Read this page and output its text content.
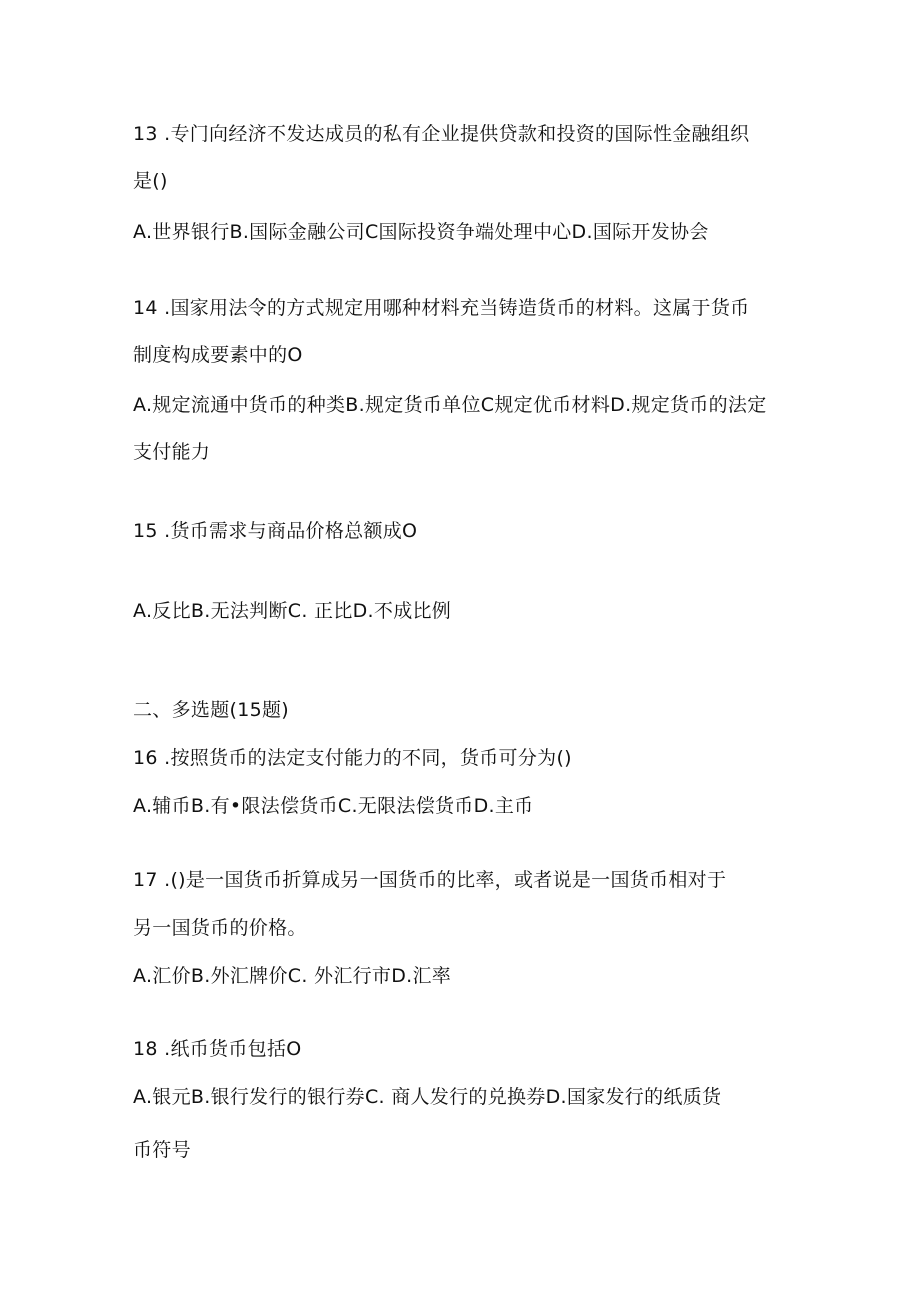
13 .专门向经济不发达成员的私有企业提供贷款和投资的国际性金融组织
是()
A.世界银行B.国际金融公司C国际投资争端处理中心D.国际开发协会
14 .国家用法令的方式规定用哪种材料充当铸造货币的材料。这属于货币
制度构成要素中的O
A.规定流通中货币的种类B.规定货币单位C规定优币材料D.规定货币的法定
支付能力
15 .货币需求与商品价格总额成O
A.反比B.无法判断C. 正比D.不成比例
二、多选题(15题)
16 .按照货币的法定支付能力的不同，货币可分为()
A.辅币B.有•限法偿货币C.无限法偿货币D.主币
17 .()是一国货币折算成另一国货币的比率，或者说是一国货币相对于
另一国货币的价格。
A.汇价B.外汇牌价C. 外汇行市D.汇率
18 .纸币货币包括O
A.银元B.银行发行的银行券C. 商人发行的兑换券D.国家发行的纸质货
币符号
